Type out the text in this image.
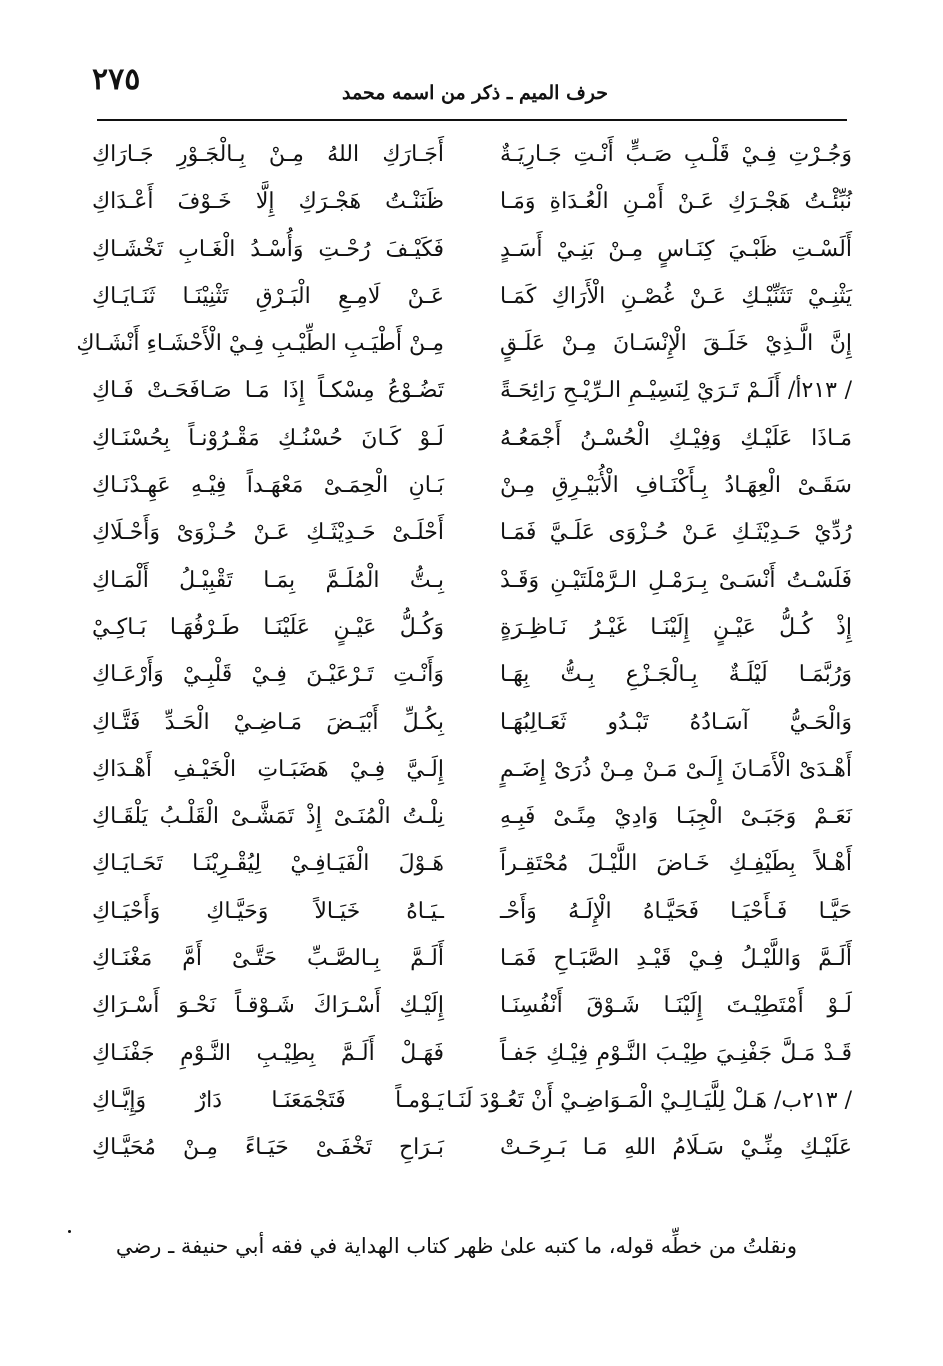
٢٧٥	حرف الميم ـ ذكر من اسمه محمد
وَجُـرْتِ فِـيْ قَلْـبِ صَـبٍّ أَنْـتِ جَـارِيَـةٌ
أَجَـارَكِ اللهُ مِـنْ بِـالْجَـوْرِ جَـارَاكِ
نُبِّئْـتُ هَجْـرَكِ عَـنْ أَمْـنِ الْعُـدَاةِ وَمَـا
ظَنَنْـتُ هَجْـرَكِ إِلَّا خَـوْفَ أَعْـدَاكِ
أَلَسْـتِ ظَبْـيَ كِنَـاسٍ مِـنْ بَنِـيْ أَسَـدٍ
فَكَيْـفَ رُحْـتِ وَأُسْـدُ الْغَـابِ تَخْشَـاكِ
يَثْنِـيْ تَثَنِّيْـكِ عَـنْ غُصْـنِ الْأَرَاكِ كَمَـا
عَـنْ لَامِـعِ الْبَـرْقِ تَثْنِيْنَـا ثَنَـايَـاكِ
إِنَّ الَّـذِيْ خَلَـقَ الْإِنْسَـانَ مِـنْ عَلَـقٍ
مِـنْ أَطْيَـبِ الطِّيْـبِ فِـيْ الْأَحْشَـاءِ أَنْشَـاكِ
/ ٢١٣أ/ أَلَـمْ تَـرَيْ لِنَسِيْـمِ الـرِّيْـحِ رَائِحَـةً
تَضُـوْعُ مِسْكـاً إِذَا مَـا صَـافَحَـتْ فَـاكِ
مَـاذَا عَلَيْـكِ وَفِيْـكِ الْحُسْـنُ أَجْمَعُـهُ
لَـوْ كَـانَ حُسْنُـكِ مَقْـرُوْنـاً بِحُسْنَـاكِ
سَقَـىْ الْعِهَـادُ بِـأَكْنَـافِ الْأُبَيْـرِقِ مِـنْ
بَـانِ الْحِمَـىْ مَعْهَـداً فِيْـهِ عَهِـدْنَـاكِ
رُدِّيْ حَـدِيْثَـكِ عَـنْ حُـزْوَى عَلَـيَّ فَمَـا
أَحْلَـىْ حَـدِيْثَـكِ عَـنْ حُـزْوَىْ وَأَحْـلَاكِ
فَلَسْـتُ أَنْسَـىْ بِـرَمْـلِ الـرَّمْلَتَيْـنِ وَقَـدْ
بِـتُّ الْمُلَـمَّ بِمَـا تَقْبِيْـلُ أَلْمَـاكِ
إِذْ كُـلُّ عَيْـنٍ إِلَيْنَـا غَيْـرُ نَـاظِـرَةٍ
وَكُـلُّ عَيْـنٍ عَلَيْنَـا طَـرْفُهَـا بَـاكِـيْ
وَرُبَّمَـا لَيْلَـةٌ بِـالْجَـزْعِ بِـتُّ بِهَـا
وَأَنْـتِ تَـرْعَيْـنَ فِـيْ قَلْبِـيْ وَأَرْعَـاكِ
وَالْحَـيُّ آسَـادُهُ تَبْـدُو ثَعَـالِبُهَـا
بِكُـلِّ أَبْيَـضَ مَـاضِـيْ الْحَـدِّ فَتَّـاكِ
أَهْـدَىْ الْأَمَـانَ إِلَـىْ مَـنْ مِـنْ ذُرَىْ إِضَـمٍ
إِلَـيَّ فِـيْ هَضَبَـاتِ الْخَيْـفِ أَهْـدَاكِ
نَعَـمْ وَجَبَـىْ الْجِبَـا وَادِيْ مِنًـىْ فَبِـهِ
نِلْـتُ الْمُنَـىْ إِذْ تَمَشَّـىْ الْقَلْـبُ يَلْقَـاكِ
أَهْـلاً بِطَيْفِـكِ خَـاضَ اللَّيْـلَ مُحْتَقِـراً
هَـوْلَ الْفَيَـافِـيْ لِيُقْـرِيْنَـا تَحَـايَـاكِ
حَيَّـا فَـأَحْيَـا فَحَيَّـاهُ الْإِلَـهُ وَأَحْـ
ـيَـاهُ خَيَـالاً وَحَيَّـاكِ وَأَحْيَـاكِ
أَلَـمَّ وَاللَّيْـلُ فِـيْ قَيْـدِ الصَّبَـاحِ فَمَـا
أَلَـمَّ بِـالصَّـبِّ حَتَّـىْ أَمَّ مَغْنَـاكِ
لَـوْ أَمْتَطِيْـتَ إِلَيْنَـا شَـوْقَ أَنْفُسِنَـا
إِلَيْـكِ أَسْـرَاكَ شَـوْقـاً نَحْـوَ أَسْـرَاكِ
قَـدْ مَـلَّ جَفْنِـيَ طِيْـبَ النَّـوْمِ فِيْـكِ جَفـاً
فَهَـلْ أَلَـمَّ بِطِيْـبِ النَّـوْمِ جَفْنَـاكِ
/ ٢١٣ب/ هَـلْ لِلَّيَـالِـيْ الْمَـوَاضِـيْ أَنْ تَعُـوْدَ لَنَـا
يَـوْمـاً فَتَجْمَعَنَـا دَارٌ وَإِيَّـاكِ
عَلَيْـكِ مِنِّـيْ سَـلَامُ اللهِ مَـا بَـرِحَـتْ
بَـرَاحِ تَخْفَـىْ حَيَـاءً مِـنْ مُحَيَّـاكِ

ونقلتُ من خطِّه قوله، ما كتبه علىٰ ظهر كتاب الهداية في فقه أبي حنيفة ـ رضي
